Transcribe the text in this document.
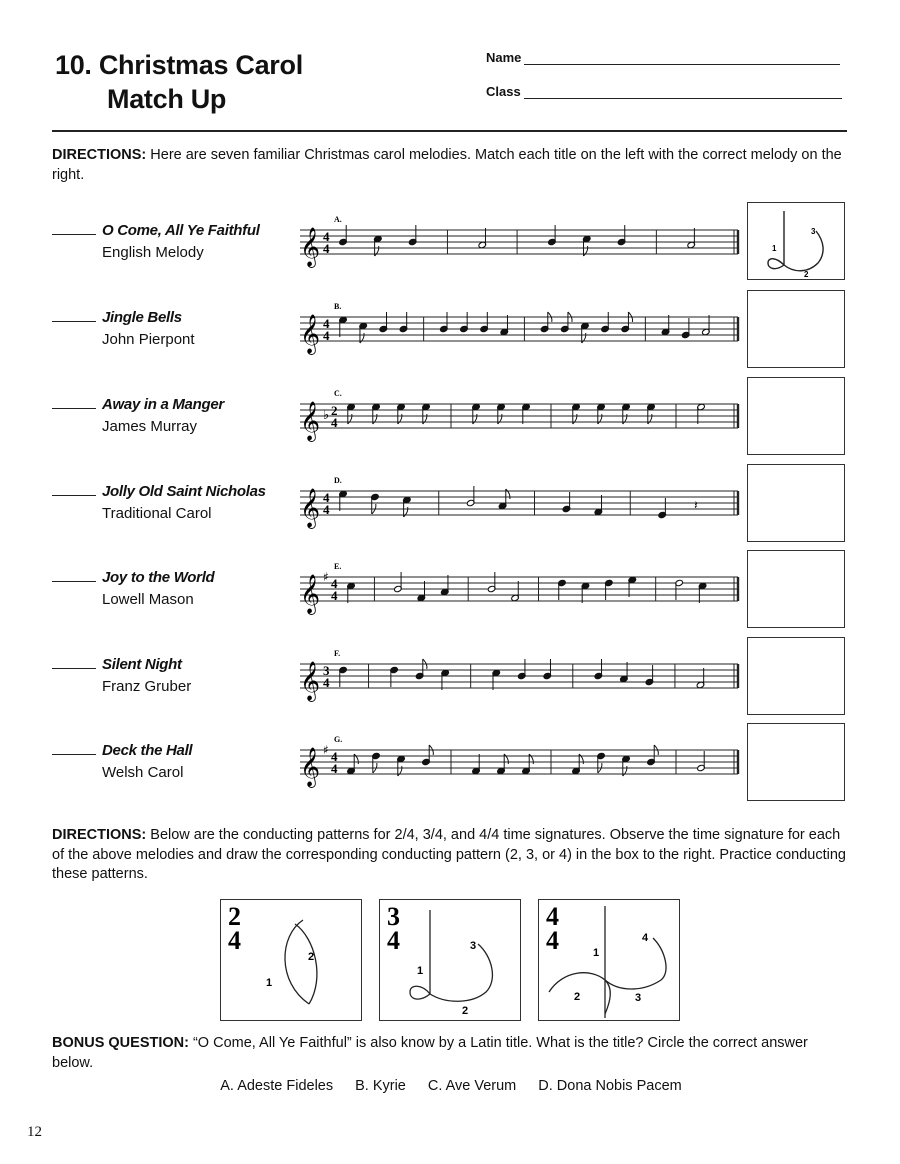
10. Christmas Carol
Match Up
Name
Class
DIRECTIONS: Here are seven familiar Christmas carol melodies. Match each title on the left with the correct melody on the right.
O Come, All Ye Faithful
English Melody
Jingle Bells
John Pierpont
Away in a Manger
James Murray
Jolly Old Saint Nicholas
Traditional Carol
Joy to the World
Lowell Mason
Silent Night
Franz Gruber
Deck the Hall
Welsh Carol
𝄞 4
4
A.
𝄞 4
4
B.
𝄞 ♭ 2
4
C.
𝄞 4
4
D.
𝄽
𝄞 ♯ 4
4
E.
𝄞 3
4
F.
𝄞 ♯ 4
4
G.
1
2
3
DIRECTIONS: Below are the conducting patterns for 2/4, 3/4, and 4/4 time signatures. Observe the time signature for each of the above melodies and draw the corresponding conducting pattern (2, 3, or 4) in the box to the right. Practice conducting these patterns.
2
4
1
2
3
4
1
2
3
4
4	1
2	3
4
BONUS QUESTION: “O Come, All Ye Faithful” is also know by a Latin title. What is the title? Circle the correct answer below.
A. Adeste Fideles B. Kyrie C. Ave Verum D. Dona Nobis Pacem
12
